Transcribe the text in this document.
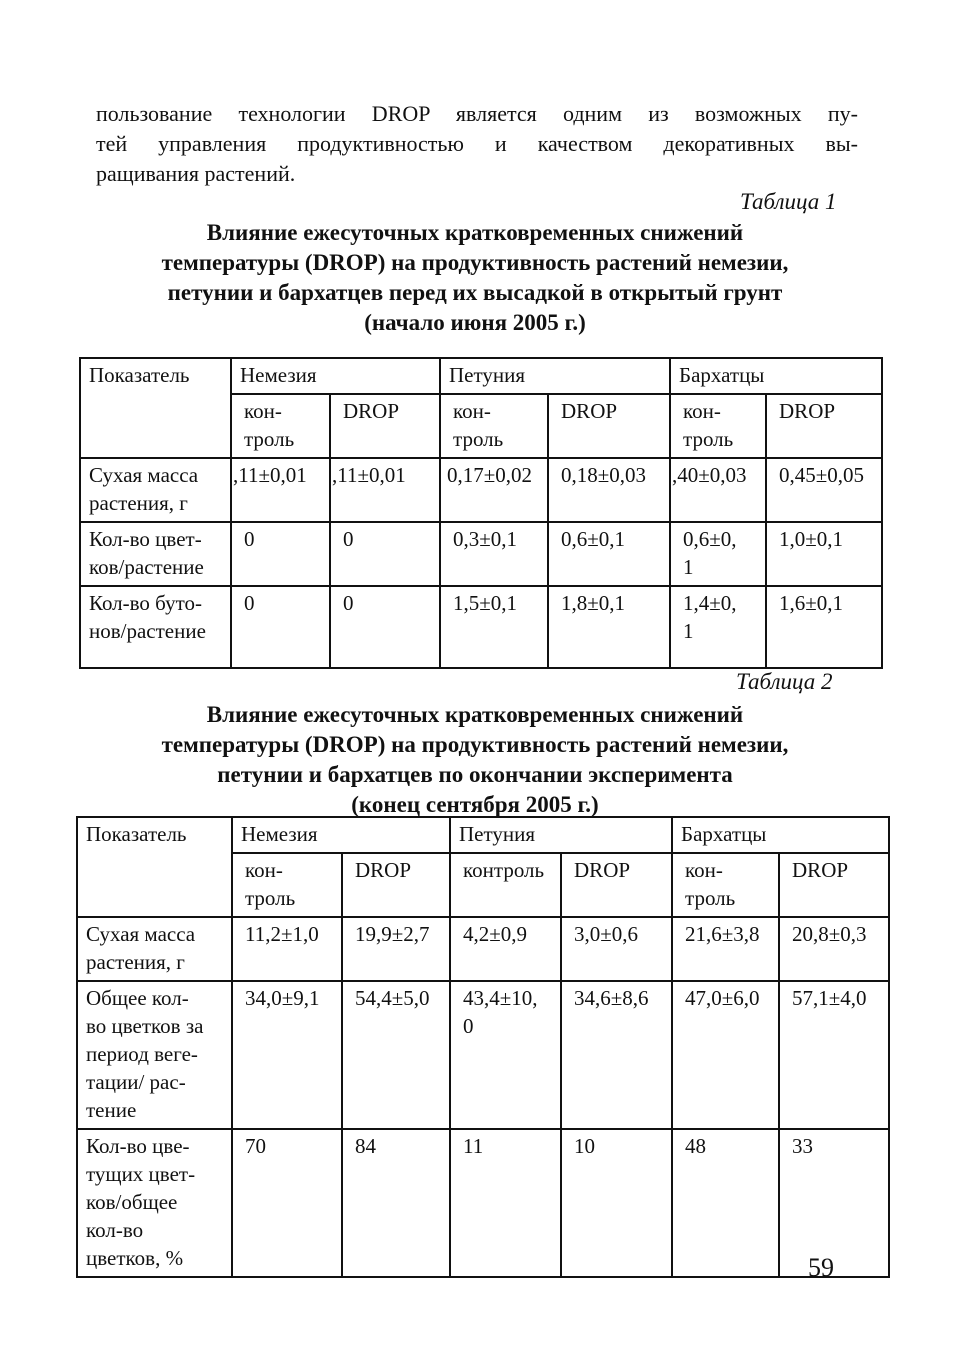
пользование технологии DROP является одним из возможных пу-
тей управления продуктивностью и качеством декоративных вы-
ращивания растений.

Таблица 1

Влияние ежесуточных кратковременных снижений
температуры (DROP) на продуктивность растений немезии,
петунии и бархатцев перед их высадкой в открытый грунт
(начало июня 2005 г.)
Показатель	Немезия		Петуния		Бархатцы	

	кон-
троль	DROP	кон-
троль	DROP	кон-
троль	DROP

Сухая масса
растения, г	,11±0,01	,11±0,01	0,17±0,02	0,18±0,03	,40±0,03	0,45±0,05

Кол-во цвет-
ков/растение	0	0	0,3±0,1	0,6±0,1	0,6±0,
1	1,0±0,1

Кол-во буто-
нов/растение	0	0	1,5±0,1	1,8±0,1	1,4±0,
1	1,6±0,1

Таблица 2

Влияние ежесуточных кратковременных снижений
температуры (DROP) на продуктивность растений немезии,
петунии и бархатцев по окончании эксперимента
(конец сентября 2005 г.)
Показатель	Немезия		Петуния		Бархатцы	

	кон-
троль	DROP	контроль	DROP	кон-
троль	DROP

Сухая масса
растения, г	11,2±1,0	19,9±2,7	4,2±0,9	3,0±0,6	21,6±3,8	20,8±0,3

Общее кол-
во цветков за
период веге-
тации/ рас-
тение	34,0±9,1	54,4±5,0	43,4±10,
0	34,6±8,6	47,0±6,0	57,1±4,0

Кол-во цве-
тущих цвет-
ков/общее
кол-во
цветков, %	70	84	11	10	48	33

59
